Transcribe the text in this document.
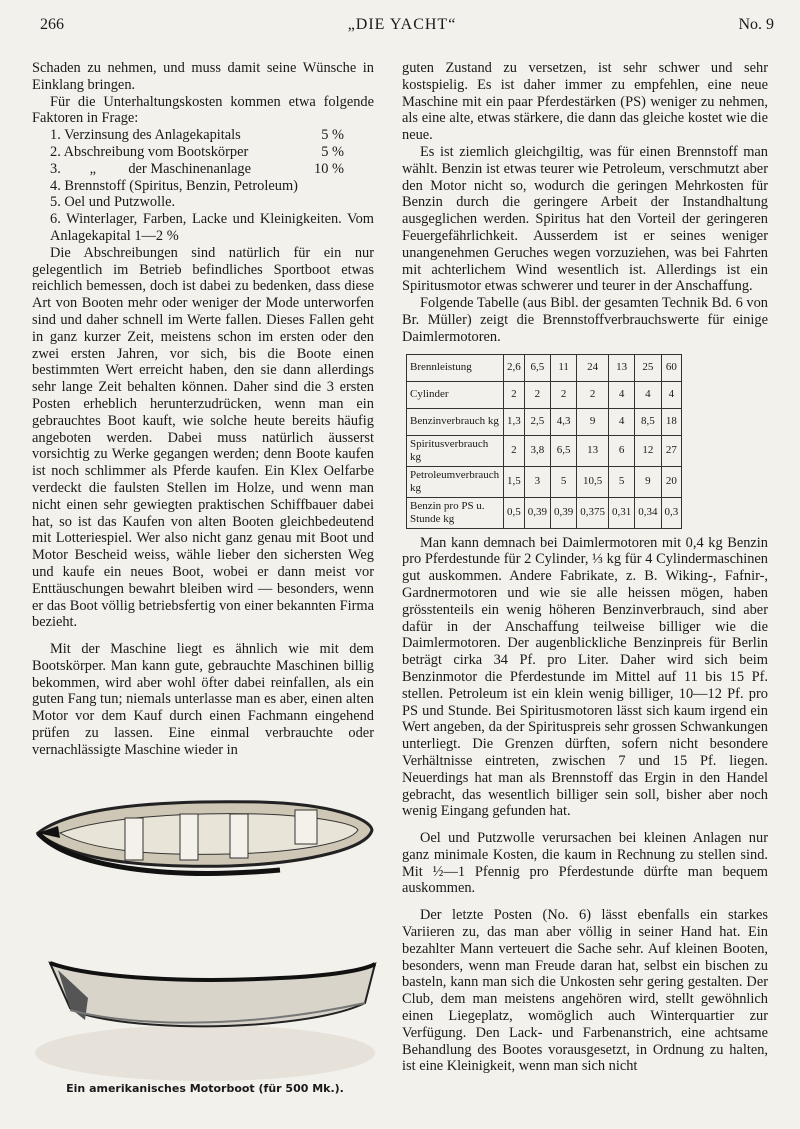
266	„DIE YACHT“	No. 9

Schaden zu nehmen, und muss damit seine Wünsche in Einklang bringen.

Für die Unterhaltungskosten kommen etwa folgende Faktoren in Frage:

1. Verzinsung des Anlagekapitals	5 %
2. Abschreibung vom Bootskörper	5 %
3.        „         der Maschinenanlage	10 %
4. Brennstoff (Spiritus, Benzin, Petroleum)
5. Oel und Putzwolle.
6. Winterlager, Farben, Lacke und Kleinigkeiten. Vom Anlagekapital 1—2 %

Die Abschreibungen sind natürlich für ein nur gelegentlich im Betrieb befindliches Sportboot etwas reichlich bemessen, doch ist dabei zu bedenken, dass diese Art von Booten mehr oder weniger der Mode unterworfen sind und daher schnell im Werte fallen. Dieses Fallen geht in ganz kurzer Zeit, meistens schon im ersten oder den zwei ersten Jahren, vor sich, bis die Boote einen bestimmten Wert erreicht haben, den sie dann allerdings sehr lange Zeit behalten können. Daher sind die 3 ersten Posten erheblich herunterzudrücken, wenn man ein gebrauchtes Boot kauft, wie solche heute bereits häufig angeboten werden. Dabei muss natürlich äusserst vorsichtig zu Werke gegangen werden; denn Boote kaufen ist noch schlimmer als Pferde kaufen. Ein Klex Oelfarbe verdeckt die faulsten Stellen im Holze, und wenn man nicht einen sehr gewiegten praktischen Schiffbauer dabei hat, so ist das Kaufen von alten Booten gleichbedeutend mit Lotteriespiel. Wer also nicht ganz genau mit Boot und Motor Bescheid weiss, wähle lieber den sichersten Weg und kaufe ein neues Boot, wobei er dann meist vor Enttäuschungen bewahrt bleiben wird — besonders, wenn er das Boot völlig betriebsfertig von einer bekannten Firma bezieht.

Mit der Maschine liegt es ähnlich wie mit dem Bootskörper. Man kann gute, gebrauchte Maschinen billig bekommen, wird aber wohl öfter dabei reinfallen, als ein guten Fang tun; niemals unterlasse man es aber, einen alten Motor vor dem Kauf durch einen Fachmann eingehend prüfen zu lassen. Eine einmal verbrauchte oder vernachlässigte Maschine wieder in

Ein amerikanisches Motorboot (für 500 Mk.).

guten Zustand zu versetzen, ist sehr schwer und sehr kostspielig. Es ist daher immer zu empfehlen, eine neue Maschine mit ein paar Pferdestärken (PS) weniger zu nehmen, als eine alte, etwas stärkere, die dann das gleiche kostet wie die neue.

Es ist ziemlich gleichgiltig, was für einen Brennstoff man wählt. Benzin ist etwas teurer wie Petroleum, verschmutzt aber den Motor nicht so, wodurch die geringen Mehrkosten für Benzin durch die geringere Arbeit der Instandhaltung ausgeglichen werden. Spiritus hat den Vorteil der geringeren Feuergefährlichkeit. Ausserdem ist er seines weniger unangenehmen Geruches wegen vorzuziehen, was bei Fahrten mit achterlichem Wind wesentlich ist. Allerdings ist ein Spiritusmotor etwas schwerer und teurer in der Anschaffung.

Folgende Tabelle (aus Bibl. der gesamten Technik Bd. 6 von Br. Müller) zeigt die Brennstoffverbrauchswerte für einige Daimlermotoren.

Brennleistung	2,6	6,5	11	24	13	25	60
Cylinder	2	2	2	2	4	4	4
Benzinverbrauch kg	1,3	2,5	4,3	9	4	8,5	18
Spiritusverbrauch kg	2	3,8	6,5	13	6	12	27
Petroleumverbrauch kg	1,5	3	5	10,5	5	9	20
Benzin pro PS u. Stunde kg	0,5	0,39	0,39	0,375	0,31	0,34	0,3

Man kann demnach bei Daimlermotoren mit 0,4 kg Benzin pro Pferdestunde für 2 Cylinder, ⅓ kg für 4 Cylindermaschinen gut auskommen. Andere Fabrikate, z. B. Wiking-, Fafnir-, Gardnermotoren und wie sie alle heissen mögen, haben grösstenteils ein wenig höheren Benzinverbrauch, sind aber dafür in der Anschaffung teilweise billiger wie die Daimlermotoren. Der augenblickliche Benzinpreis für Berlin beträgt cirka 34 Pf. pro Liter. Daher wird sich beim Benzinmotor die Pferdestunde im Mittel auf 11 bis 15 Pf. stellen. Petroleum ist ein klein wenig billiger, 10—12 Pf. pro PS und Stunde. Bei Spiritusmotoren lässt sich kaum irgend ein Wert angeben, da der Spirituspreis sehr grossen Schwankungen unterliegt. Die Grenzen dürften, sofern nicht besondere Verhältnisse eintreten, zwischen 7 und 15 Pf. liegen. Neuerdings hat man als Brennstoff das Ergin in den Handel gebracht, das wesentlich billiger sein soll, bisher aber noch wenig Eingang gefunden hat.

Oel und Putzwolle verursachen bei kleinen Anlagen nur ganz minimale Kosten, die kaum in Rechnung zu stellen sind. Mit ½—1 Pfennig pro Pferdestunde dürfte man bequem auskommen.

Der letzte Posten (No. 6) lässt ebenfalls ein starkes Variieren zu, das man aber völlig in seiner Hand hat. Ein bezahlter Mann verteuert die Sache sehr. Auf kleinen Booten, besonders, wenn man Freude daran hat, selbst ein bischen zu basteln, kann man sich die Unkosten sehr gering gestalten. Der Club, dem man meistens angehören wird, stellt gewöhnlich einen Liegeplatz, womöglich auch Winterquartier zur Verfügung. Den Lack- und Farbenanstrich, eine achtsame Behandlung des Bootes vorausgesetzt, in Ordnung zu halten, ist eine Kleinigkeit, wenn man sich nicht
